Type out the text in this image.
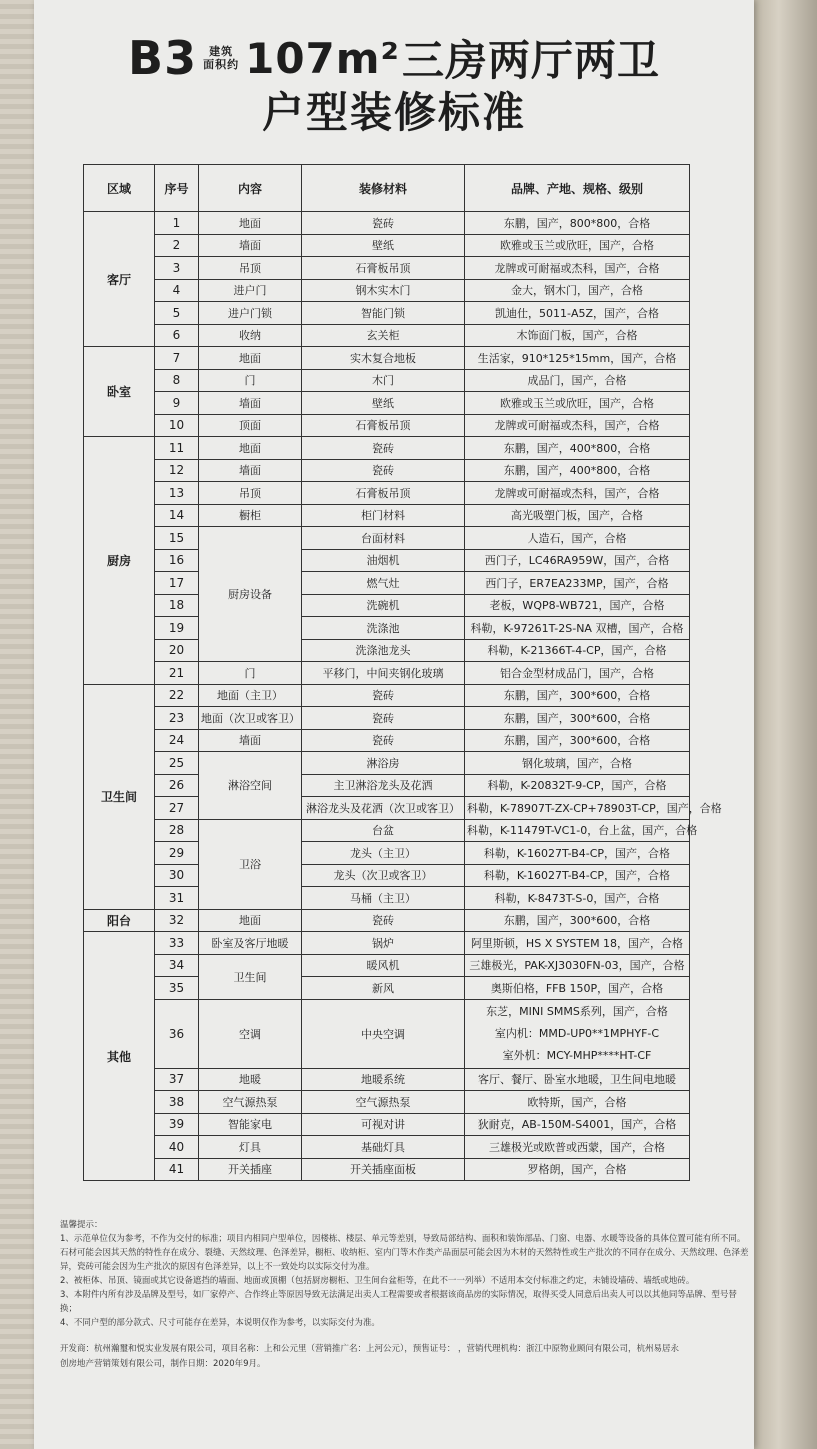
B3	建筑
面积约 107m² 三房两厅两卫
户型装修标准
区域	序号	内容	装修材料	品牌、产地、规格、级别
客厅	1	地面	瓷砖	东鹏，国产，800*800，合格
	2	墙面	壁纸	欧雅或玉兰或欣旺，国产，合格
	3	吊顶	石膏板吊顶	龙牌或可耐福或杰科，国产，合格
	4	进户门	钢木实木门	金大，钢木门，国产，合格
	5	进户门锁	智能门锁	凯迪仕，5011-A5Z，国产，合格
	6	收纳	玄关柜	木饰面门板，国产，合格
卧室	7	地面	实木复合地板	生活家，910*125*15mm，国产，合格
	8	门	木门	成品门，国产，合格
	9	墙面	壁纸	欧雅或玉兰或欣旺，国产，合格
	10	顶面	石膏板吊顶	龙牌或可耐福或杰科，国产，合格
厨房	11	地面	瓷砖	东鹏，国产，400*800，合格
	12	墙面	瓷砖	东鹏，国产，400*800，合格
	13	吊顶	石膏板吊顶	龙牌或可耐福或杰科，国产，合格
	14	橱柜	柜门材料	高光吸塑门板，国产，合格
	15	厨房设备	台面材料	人造石，国产，合格
	16		油烟机	西门子，LC46RA959W，国产，合格
	17		燃气灶	西门子，ER7EA233MP，国产，合格
	18		洗碗机	老板，WQP8-WB721，国产，合格
	19		洗涤池	科勒，K-97261T-2S-NA 双槽，国产，合格
	20		洗涤池龙头	科勒，K-21366T-4-CP，国产，合格
	21	门	平移门，中间夹钢化玻璃	铝合金型材成品门，国产，合格
卫生间	22	地面（主卫）	瓷砖	东鹏，国产，300*600，合格
	23	地面（次卫或客卫）	瓷砖	东鹏，国产，300*600，合格
	24	墙面	瓷砖	东鹏，国产，300*600，合格
	25	淋浴空间	淋浴房	钢化玻璃，国产，合格
	26		主卫淋浴龙头及花洒	科勒，K-20832T-9-CP，国产，合格
	27		淋浴龙头及花洒（次卫或客卫）	科勒，K-78907T-ZX-CP+78903T-CP，国产，合格
	28	卫浴	台盆	科勒，K-11479T-VC1-0，台上盆，国产，合格
	29		龙头（主卫）	科勒，K-16027T-B4-CP，国产，合格
	30		龙头（次卫或客卫）	科勒，K-16027T-B4-CP，国产，合格
	31		马桶（主卫）	科勒，K-8473T-S-0，国产，合格
阳台	32	地面	瓷砖	东鹏，国产，300*600，合格
其他	33	卧室及客厅地暖	锅炉	阿里斯顿，HS X SYSTEM 18，国产，合格
	34	卫生间	暖风机	三雄极光，PAK-XJ3030FN-03，国产，合格
	35		新风	奥斯伯格，FFB 150P，国产，合格
	36	空调	中央空调	东芝，MINI SMMS系列，国产，合格
室内机：MMD-UP0**1MPHYF-C
室外机：MCY-MHP****HT-CF

	37	地暖	地暖系统	客厅、餐厅、卧室水地暖，卫生间电地暖
	38	空气源热泵	空气源热泵	欧特斯，国产，合格
	39	智能家电	可视对讲	狄耐克，AB-150M-S4001，国产，合格
	40	灯具	基础灯具	三雄极光或欧普或西蒙，国产，合格
	41	开关插座	开关插座面板	罗格朗，国产，合格

温馨提示：

1、示范单位仅为参考，不作为交付的标准；项目内相同户型单位，因楼栋、楼层、单元等差别，导致局部结构、面积和装饰部品、门窗、电器、水暖等设备的具体位置可能有所不同。石材可能会因其天然的特性存在成分、裂缝、天然纹理、色泽差异，橱柜、收纳柜、室内门等木作类产品面层可能会因为木材的天然特性或生产批次的不同存在成分、天然纹理、色泽差异，瓷砖可能会因为生产批次的原因有色泽差异，以上不一致处均以实际交付为准。

2、被柜体、吊顶、镜面或其它设备遮挡的墙面、地面或顶棚（包括厨房橱柜、卫生间台盆柜等，在此不一一列举）不适用本交付标准之约定，未铺设墙砖、墙纸或地砖。

3、本附件内所有涉及品牌及型号，如厂家停产、合作终止等原因导致无法满足出卖人工程需要或者根据该商品房的实际情况，取得买受人同意后出卖人可以以其他同等品牌、型号替换；

4、不同户型的部分款式、尺寸可能存在差异，本说明仅作为参考，以实际交付为准。

开发商：杭州瀚璽和悦实业发展有限公司，项目名称：上和公元里（营销推广名：上河公元），预售证号： ，营销代理机构：浙江中原物业顾问有限公司，杭州易居永
创房地产营销策划有限公司，制作日期：2020年9月。
